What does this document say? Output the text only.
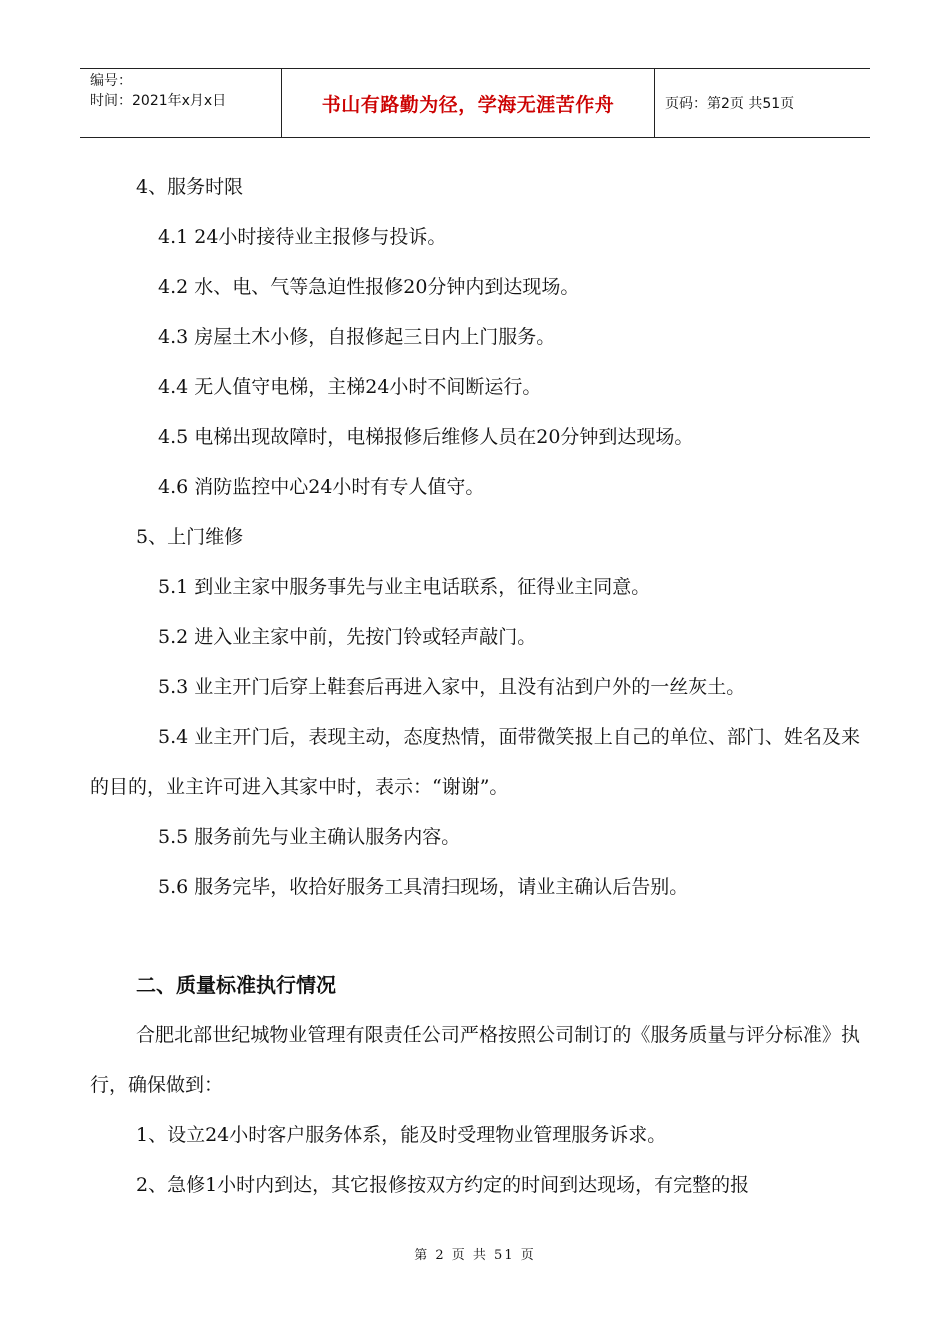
编号：
时间：2021年x月x日	书山有路勤为径，学海无涯苦作舟	页码：第2页 共51页

4、服务时限

4.1 24小时接待业主报修与投诉。

4.2 水、电、气等急迫性报修20分钟内到达现场。

4.3 房屋土木小修，自报修起三日内上门服务。

4.4 无人值守电梯，主梯24小时不间断运行。

4.5 电梯出现故障时，电梯报修后维修人员在20分钟到达现场。

4.6 消防监控中心24小时有专人值守。

5、上门维修

5.1 到业主家中服务事先与业主电话联系，征得业主同意。

5.2 进入业主家中前，先按门铃或轻声敲门。

5.3 业主开门后穿上鞋套后再进入家中，且没有沾到户外的一丝灰土。

5.4 业主开门后，表现主动，态度热情，面带微笑报上自己的单位、部门、姓名及来的目的，业主许可进入其家中时，表示：“谢谢”。

5.5 服务前先与业主确认服务内容。

5.6 服务完毕，收拾好服务工具清扫现场，请业主确认后告别。

二、质量标准执行情况

合肥北部世纪城物业管理有限责任公司严格按照公司制订的《服务质量与评分标准》执行，确保做到：

1、设立24小时客户服务体系，能及时受理物业管理服务诉求。

2、急修1小时内到达，其它报修按双方约定的时间到达现场，有完整的报

第 2 页 共 51 页
